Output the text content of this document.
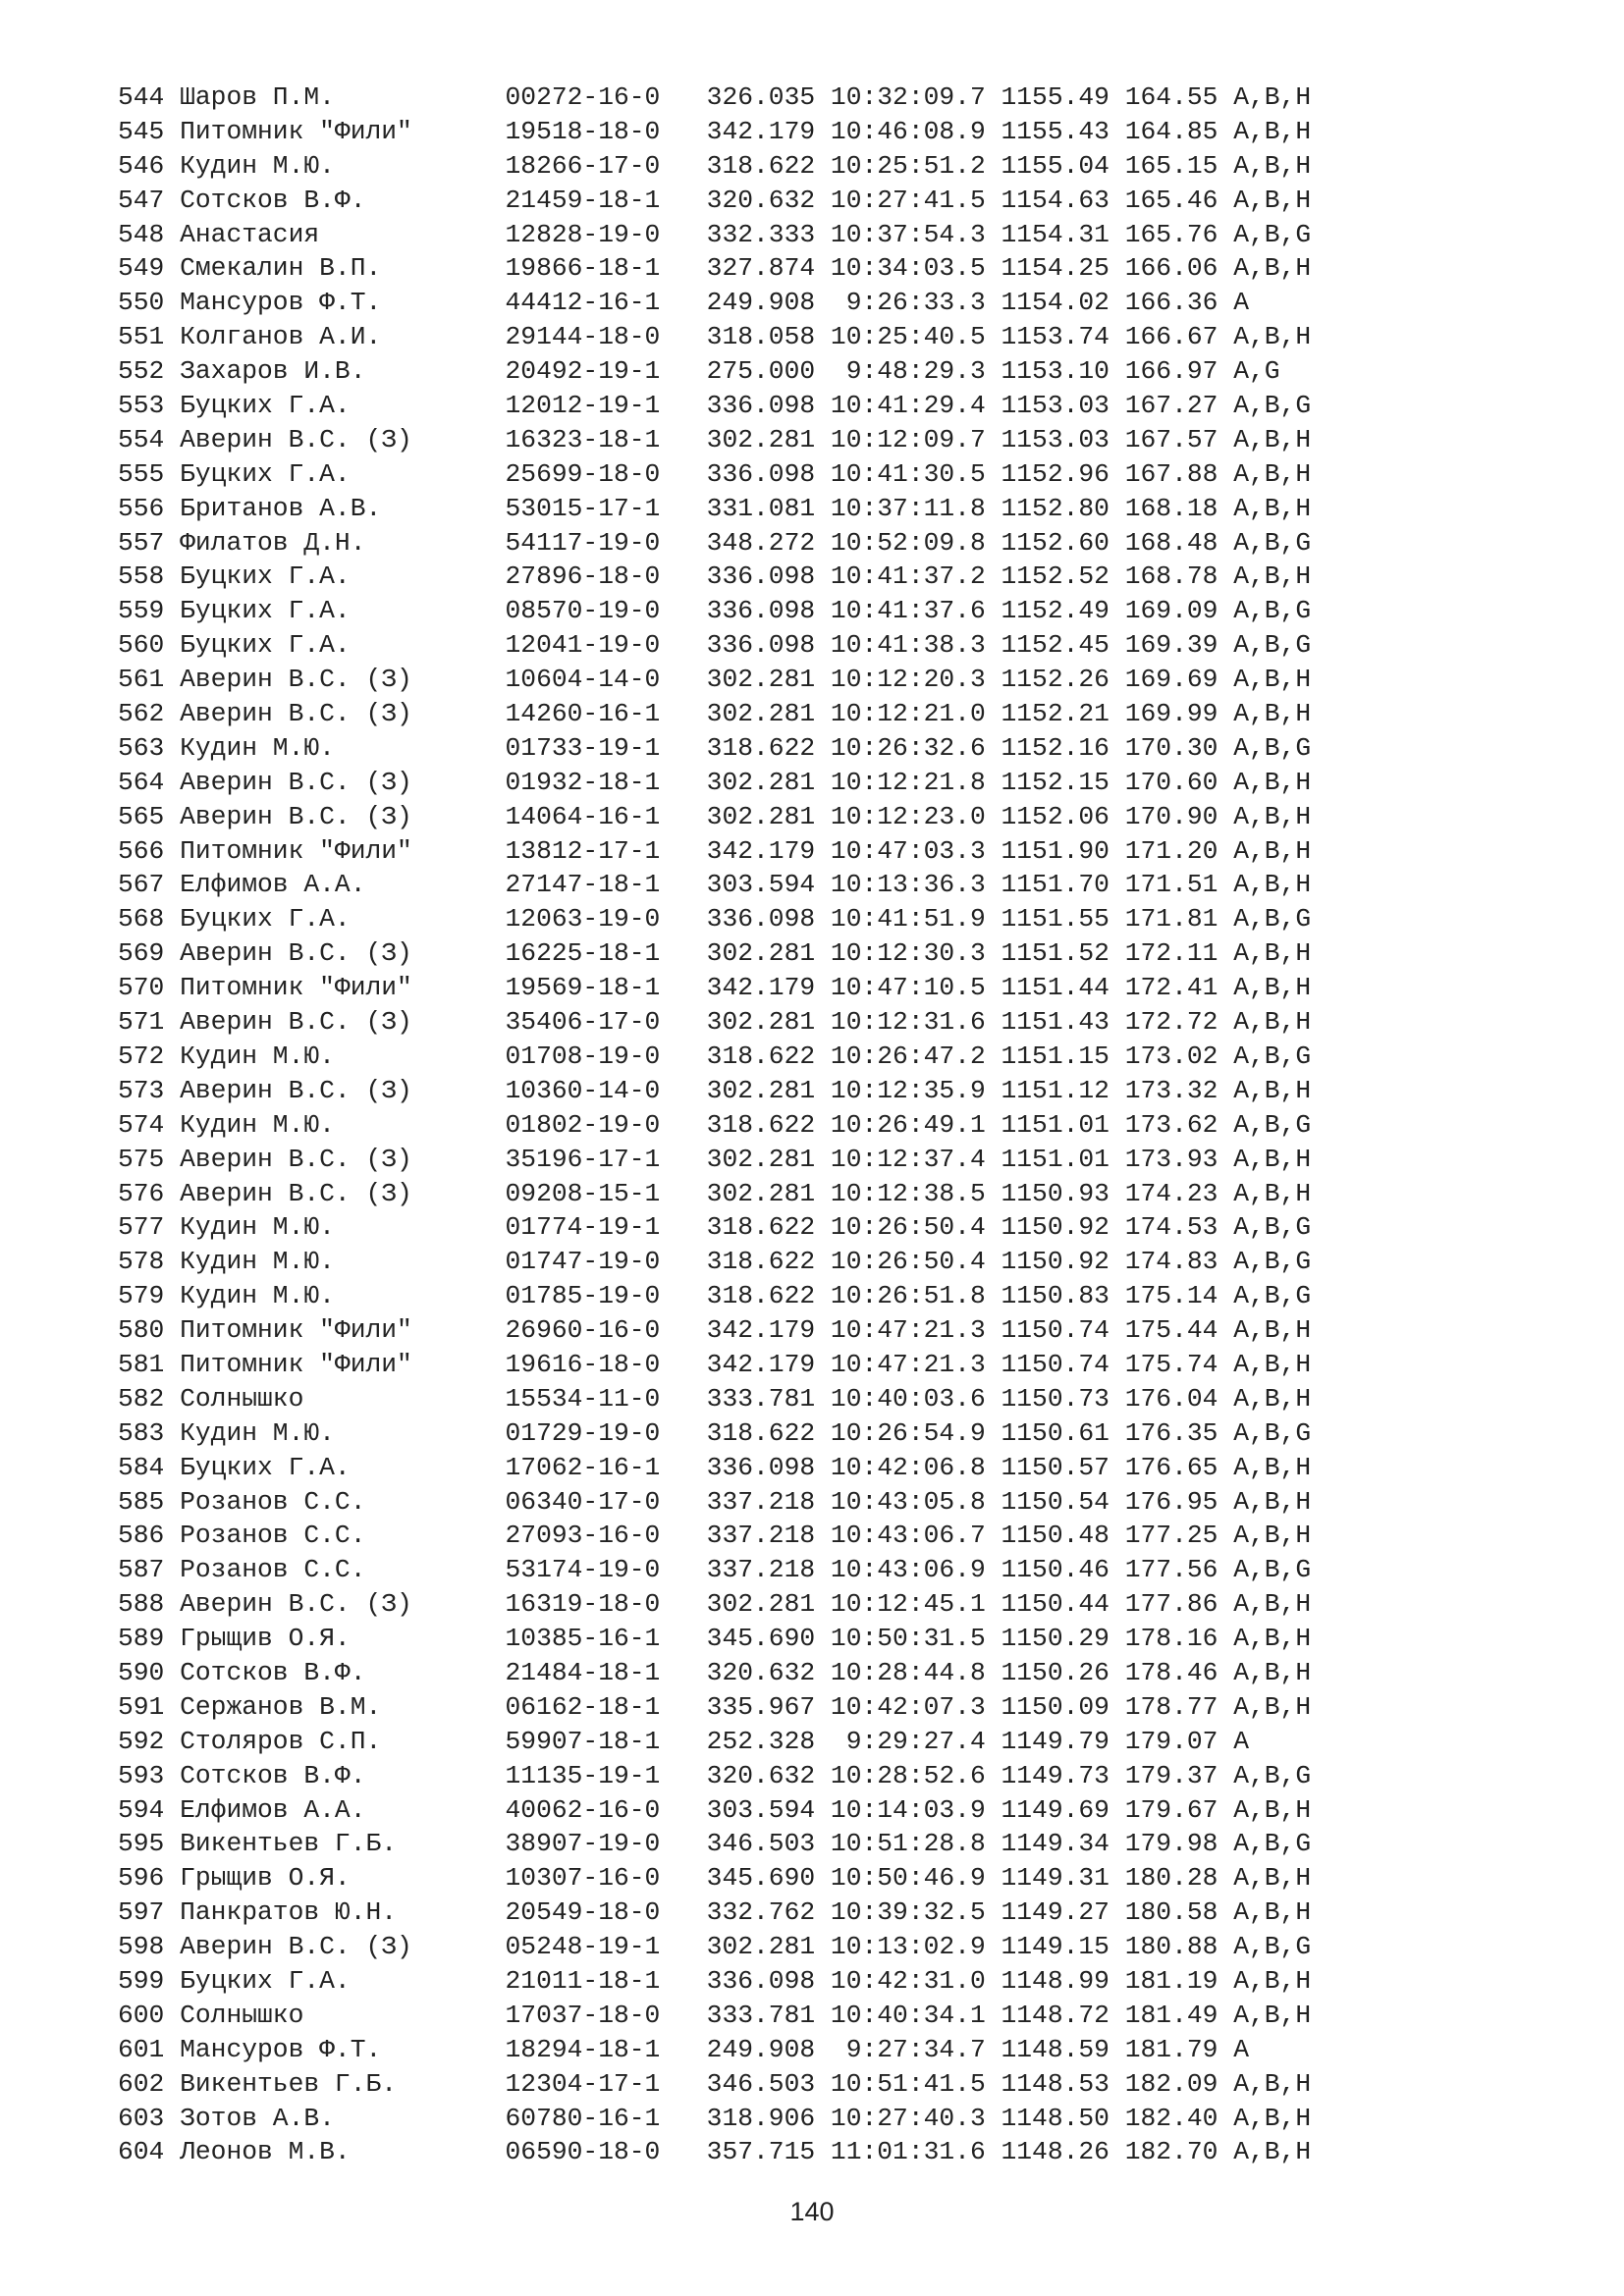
544 Шаров П.М.           00272-16-0   326.035 10:32:09.7 1155.49 164.55 A,B,H
545 Питомник "Фили"      19518-18-0   342.179 10:46:08.9 1155.43 164.85 A,B,H
546 Кудин М.Ю.           18266-17-0   318.622 10:25:51.2 1155.04 165.15 A,B,H
547 Сотсков В.Ф.         21459-18-1   320.632 10:27:41.5 1154.63 165.46 A,B,H
548 Анастасия            12828-19-0   332.333 10:37:54.3 1154.31 165.76 A,B,G
549 Смекалин В.П.        19866-18-1   327.874 10:34:03.5 1154.25 166.06 A,B,H
550 Мансуров Ф.Т.        44412-16-1   249.908  9:26:33.3 1154.02 166.36 A
551 Колганов А.И.        29144-18-0   318.058 10:25:40.5 1153.74 166.67 A,B,H
552 Захаров И.В.         20492-19-1   275.000  9:48:29.3 1153.10 166.97 A,G
553 Буцких Г.А.          12012-19-1   336.098 10:41:29.4 1153.03 167.27 A,B,G
554 Аверин В.С. (З)      16323-18-1   302.281 10:12:09.7 1153.03 167.57 A,B,H
555 Буцких Г.А.          25699-18-0   336.098 10:41:30.5 1152.96 167.88 A,B,H
556 Британов А.В.        53015-17-1   331.081 10:37:11.8 1152.80 168.18 A,B,H
557 Филатов Д.Н.         54117-19-0   348.272 10:52:09.8 1152.60 168.48 A,B,G
558 Буцких Г.А.          27896-18-0   336.098 10:41:37.2 1152.52 168.78 A,B,H
559 Буцких Г.А.          08570-19-0   336.098 10:41:37.6 1152.49 169.09 A,B,G
560 Буцких Г.А.          12041-19-0   336.098 10:41:38.3 1152.45 169.39 A,B,G
561 Аверин В.С. (З)      10604-14-0   302.281 10:12:20.3 1152.26 169.69 A,B,H
562 Аверин В.С. (З)      14260-16-1   302.281 10:12:21.0 1152.21 169.99 A,B,H
563 Кудин М.Ю.           01733-19-1   318.622 10:26:32.6 1152.16 170.30 A,B,G
564 Аверин В.С. (З)      01932-18-1   302.281 10:12:21.8 1152.15 170.60 A,B,H
565 Аверин В.С. (З)      14064-16-1   302.281 10:12:23.0 1152.06 170.90 A,B,H
566 Питомник "Фили"      13812-17-1   342.179 10:47:03.3 1151.90 171.20 A,B,H
567 Елфимов А.А.         27147-18-1   303.594 10:13:36.3 1151.70 171.51 A,B,H
568 Буцких Г.А.          12063-19-0   336.098 10:41:51.9 1151.55 171.81 A,B,G
569 Аверин В.С. (З)      16225-18-1   302.281 10:12:30.3 1151.52 172.11 A,B,H
570 Питомник "Фили"      19569-18-1   342.179 10:47:10.5 1151.44 172.41 A,B,H
571 Аверин В.С. (З)      35406-17-0   302.281 10:12:31.6 1151.43 172.72 A,B,H
572 Кудин М.Ю.           01708-19-0   318.622 10:26:47.2 1151.15 173.02 A,B,G
573 Аверин В.С. (З)      10360-14-0   302.281 10:12:35.9 1151.12 173.32 A,B,H
574 Кудин М.Ю.           01802-19-0   318.622 10:26:49.1 1151.01 173.62 A,B,G
575 Аверин В.С. (З)      35196-17-1   302.281 10:12:37.4 1151.01 173.93 A,B,H
576 Аверин В.С. (З)      09208-15-1   302.281 10:12:38.5 1150.93 174.23 A,B,H
577 Кудин М.Ю.           01774-19-1   318.622 10:26:50.4 1150.92 174.53 A,B,G
578 Кудин М.Ю.           01747-19-0   318.622 10:26:50.4 1150.92 174.83 A,B,G
579 Кудин М.Ю.           01785-19-0   318.622 10:26:51.8 1150.83 175.14 A,B,G
580 Питомник "Фили"      26960-16-0   342.179 10:47:21.3 1150.74 175.44 A,B,H
581 Питомник "Фили"      19616-18-0   342.179 10:47:21.3 1150.74 175.74 A,B,H
582 Солнышко             15534-11-0   333.781 10:40:03.6 1150.73 176.04 A,B,H
583 Кудин М.Ю.           01729-19-0   318.622 10:26:54.9 1150.61 176.35 A,B,G
584 Буцких Г.А.          17062-16-1   336.098 10:42:06.8 1150.57 176.65 A,B,H
585 Розанов С.С.         06340-17-0   337.218 10:43:05.8 1150.54 176.95 A,B,H
586 Розанов С.С.         27093-16-0   337.218 10:43:06.7 1150.48 177.25 A,B,H
587 Розанов С.С.         53174-19-0   337.218 10:43:06.9 1150.46 177.56 A,B,G
588 Аверин В.С. (З)      16319-18-0   302.281 10:12:45.1 1150.44 177.86 A,B,H
589 Грыщив О.Я.          10385-16-1   345.690 10:50:31.5 1150.29 178.16 A,B,H
590 Сотсков В.Ф.         21484-18-1   320.632 10:28:44.8 1150.26 178.46 A,B,H
591 Сержанов В.М.        06162-18-1   335.967 10:42:07.3 1150.09 178.77 A,B,H
592 Столяров С.П.        59907-18-1   252.328  9:29:27.4 1149.79 179.07 A
593 Сотсков В.Ф.         11135-19-1   320.632 10:28:52.6 1149.73 179.37 A,B,G
594 Елфимов А.А.         40062-16-0   303.594 10:14:03.9 1149.69 179.67 A,B,H
595 Викентьев Г.Б.       38907-19-0   346.503 10:51:28.8 1149.34 179.98 A,B,G
596 Грыщив О.Я.          10307-16-0   345.690 10:50:46.9 1149.31 180.28 A,B,H
597 Панкратов Ю.Н.       20549-18-0   332.762 10:39:32.5 1149.27 180.58 A,B,H
598 Аверин В.С. (З)      05248-19-1   302.281 10:13:02.9 1149.15 180.88 A,B,G
599 Буцких Г.А.          21011-18-1   336.098 10:42:31.0 1148.99 181.19 A,B,H
600 Солнышко             17037-18-0   333.781 10:40:34.1 1148.72 181.49 A,B,H
601 Мансуров Ф.Т.        18294-18-1   249.908  9:27:34.7 1148.59 181.79 A
602 Викентьев Г.Б.       12304-17-1   346.503 10:51:41.5 1148.53 182.09 A,B,H
603 Зотов А.В.           60780-16-1   318.906 10:27:40.3 1148.50 182.40 A,B,H
604 Леонов М.В.          06590-18-0   357.715 11:01:31.6 1148.26 182.70 A,B,H
140
